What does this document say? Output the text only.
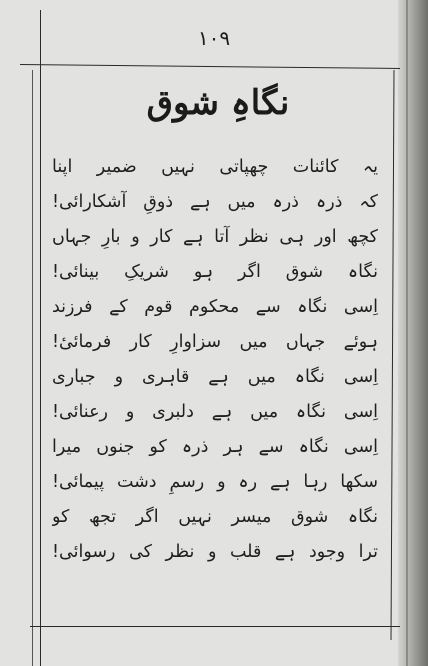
۱۰۹
نگاہِ شوق
یہ کائنات چھپاتی نہیں ضمیر اپنا
کہ ذرہ ذرہ میں ہے ذوقِ آشکارائی!
کچھ اور ہی نظر آتا ہے کار و بارِ جہاں
نگاہ شوق اگر ہو شریکِ بینائی!
اِسی نگاہ سے محکوم قوم کے فرزند
ہوئے جہاں میں سزاوارِ کار فرمائیٔ!
اِسی نگاہ میں ہے قاہری و جباری
اِسی نگاہ میں ہے دلبری و رعنائی!
اِسی نگاہ سے ہر ذرہ کو جنوں میرا
سکھا رہا ہے رہ و رسمِ دشت پیمائی!
نگاہ شوق میسر نہیں اگر تجھ کو
ترا وجود ہے قلب و نظر کی رسوائی!
